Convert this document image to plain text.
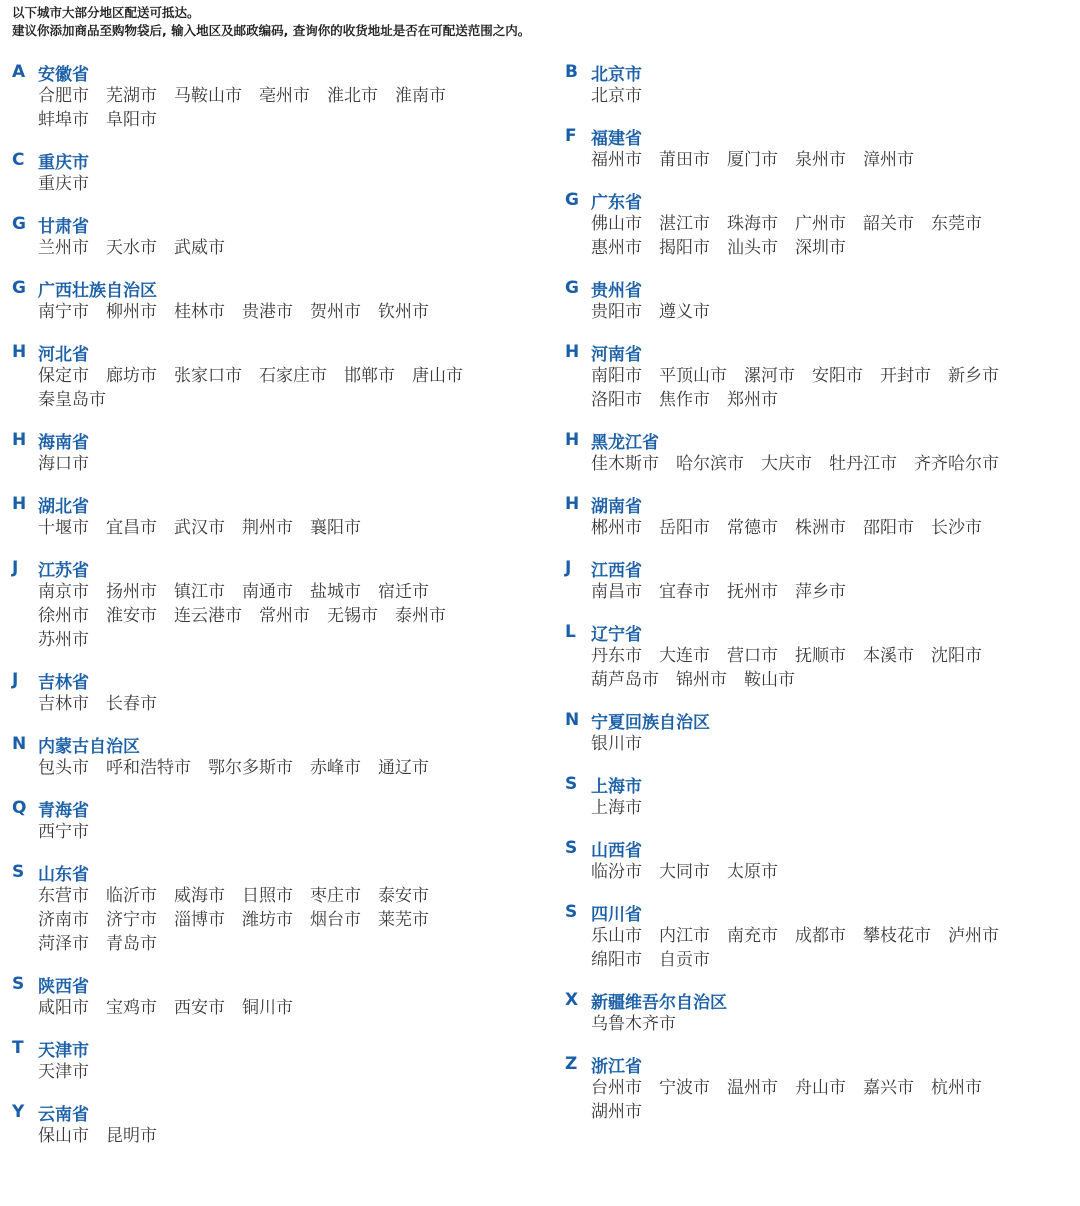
以下城市大部分地区配送可抵达。
建议你添加商品至购物袋后, 输入地区及邮政编码, 查询你的收货地址是否在可配送范围之内。
A 安徽省
合肥市 芜湖市 马鞍山市 亳州市 淮北市 淮南市
蚌埠市 阜阳市
C 重庆市
重庆市
G 甘肃省
兰州市 天水市 武威市
G 广西壮族自治区
南宁市 柳州市 桂林市 贵港市 贺州市 钦州市
H 河北省
保定市 廊坊市 张家口市 石家庄市 邯郸市 唐山市
秦皇岛市
H 海南省
海口市
H 湖北省
十堰市 宜昌市 武汉市 荆州市 襄阳市
J	江苏省
南京市 扬州市 镇江市 南通市 盐城市 宿迁市
徐州市 淮安市 连云港市 常州市 无锡市 泰州市
苏州市
J	吉林省
吉林市 长春市
N 内蒙古自治区
包头市 呼和浩特市 鄂尔多斯市 赤峰市 通辽市
Q 青海省
西宁市
S 山东省
东营市 临沂市 威海市 日照市 枣庄市 泰安市
济南市 济宁市 淄博市 潍坊市 烟台市 莱芜市
菏泽市 青岛市
S 陕西省
咸阳市 宝鸡市 西安市 铜川市
T 天津市
天津市
Y 云南省
保山市 昆明市
B 北京市
北京市
F 福建省
福州市 莆田市 厦门市 泉州市 漳州市
G 广东省
佛山市 湛江市 珠海市 广州市 韶关市 东莞市
惠州市 揭阳市 汕头市 深圳市
G 贵州省
贵阳市 遵义市
H 河南省
南阳市 平顶山市 漯河市 安阳市 开封市 新乡市
洛阳市 焦作市 郑州市
H 黑龙江省
佳木斯市 哈尔滨市 大庆市 牡丹江市 齐齐哈尔市
H 湖南省
郴州市 岳阳市 常德市 株洲市 邵阳市 长沙市
J	江西省
南昌市 宜春市 抚州市 萍乡市
L 辽宁省
丹东市 大连市 营口市 抚顺市 本溪市 沈阳市
葫芦岛市 锦州市 鞍山市
N 宁夏回族自治区
银川市
S 上海市
上海市
S 山西省
临汾市 大同市 太原市
S 四川省
乐山市 内江市 南充市 成都市 攀枝花市 泸州市
绵阳市 自贡市
X 新疆维吾尔自治区
乌鲁木齐市
Z 浙江省
台州市 宁波市 温州市 舟山市 嘉兴市 杭州市
湖州市
